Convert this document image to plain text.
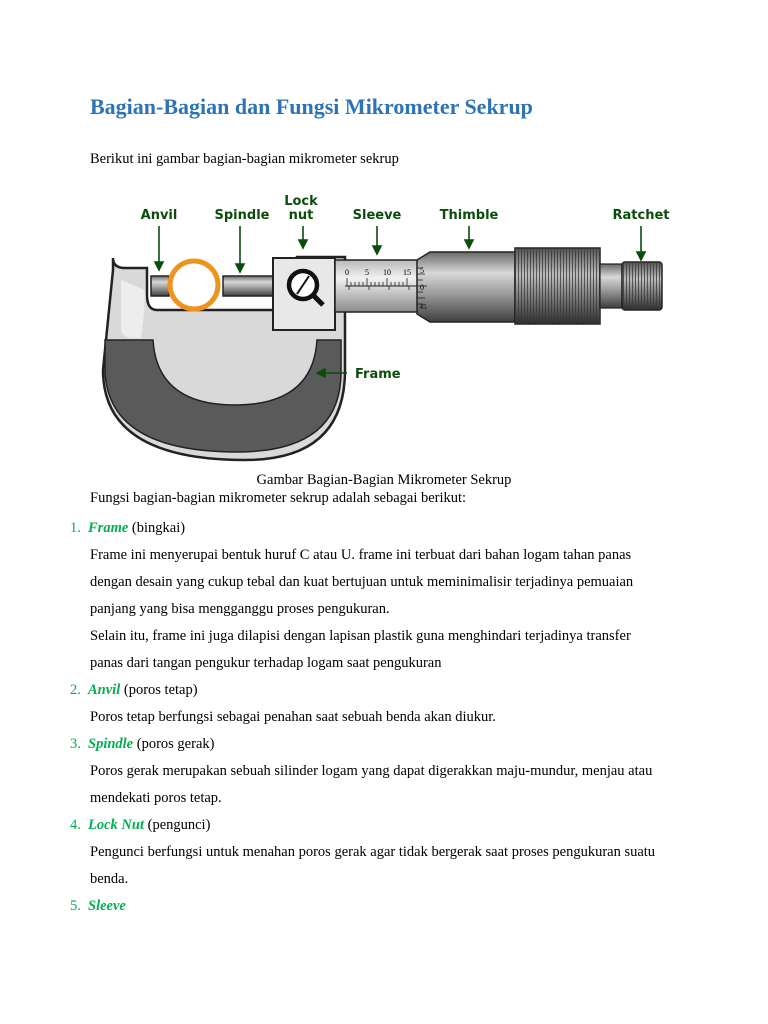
Bagian-Bagian dan Fungsi Mikrometer Sekrup
Berikut ini gambar bagian-bagian mikrometer sekrup
0 5 10 15 5
0
45
Anvil	Spindle
Lock
nut	Sleeve	Thimble	Ratchet
Frame
Gambar Bagian-Bagian Mikrometer Sekrup
Fungsi bagian-bagian mikrometer sekrup adalah sebagai berikut:
1. Frame (bingkai)
Frame ini menyerupai bentuk huruf C atau U. frame ini terbuat dari bahan logam tahan panas
dengan desain yang cukup tebal dan kuat bertujuan untuk meminimalisir terjadinya pemuaian
panjang yang bisa mengganggu proses pengukuran.
Selain itu, frame ini juga dilapisi dengan lapisan plastik guna menghindari terjadinya transfer
panas dari tangan pengukur terhadap logam saat pengukuran
2. Anvil (poros tetap)
Poros tetap berfungsi sebagai penahan saat sebuah benda akan diukur.
3. Spindle (poros gerak)
Poros gerak merupakan sebuah silinder logam yang dapat digerakkan maju-mundur, menjau atau
mendekati poros tetap.
4. Lock Nut (pengunci)
Pengunci berfungsi untuk menahan poros gerak agar tidak bergerak saat proses pengukuran suatu
benda.
5. Sleeve
